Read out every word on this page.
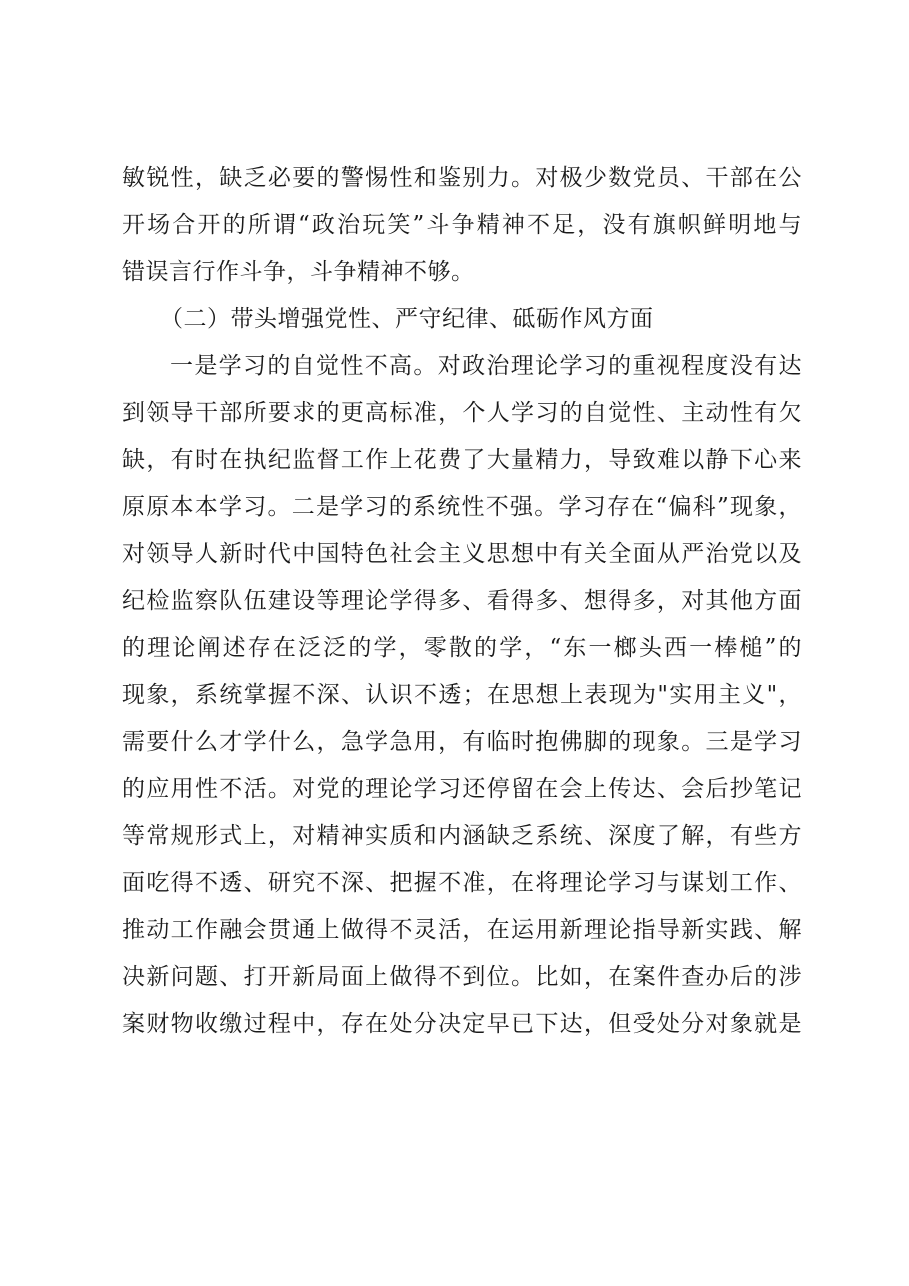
敏锐性，缺乏必要的警惕性和鉴别力。对极少数党员、干部在公
开场合开的所谓“政治玩笑”斗争精神不足，没有旗帜鲜明地与
错误言行作斗争，斗争精神不够。
（二）带头增强党性、严守纪律、砥砺作风方面
一是学习的自觉性不高。对政治理论学习的重视程度没有达
到领导干部所要求的更高标准，个人学习的自觉性、主动性有欠
缺，有时在执纪监督工作上花费了大量精力，导致难以静下心来
原原本本学习。二是学习的系统性不强。学习存在“偏科”现象，
对领导人新时代中国特色社会主义思想中有关全面从严治党以及
纪检监察队伍建设等理论学得多、看得多、想得多，对其他方面
的理论阐述存在泛泛的学，零散的学，“东一榔头西一棒槌”的
现象，系统掌握不深、认识不透；在思想上表现为"实用主义"，
需要什么才学什么，急学急用，有临时抱佛脚的现象。三是学习
的应用性不活。对党的理论学习还停留在会上传达、会后抄笔记
等常规形式上，对精神实质和内涵缺乏系统、深度了解，有些方
面吃得不透、研究不深、把握不准，在将理论学习与谋划工作、
推动工作融会贯通上做得不灵活，在运用新理论指导新实践、解
决新问题、打开新局面上做得不到位。比如，在案件查办后的涉
案财物收缴过程中，存在处分决定早已下达，但受处分对象就是
